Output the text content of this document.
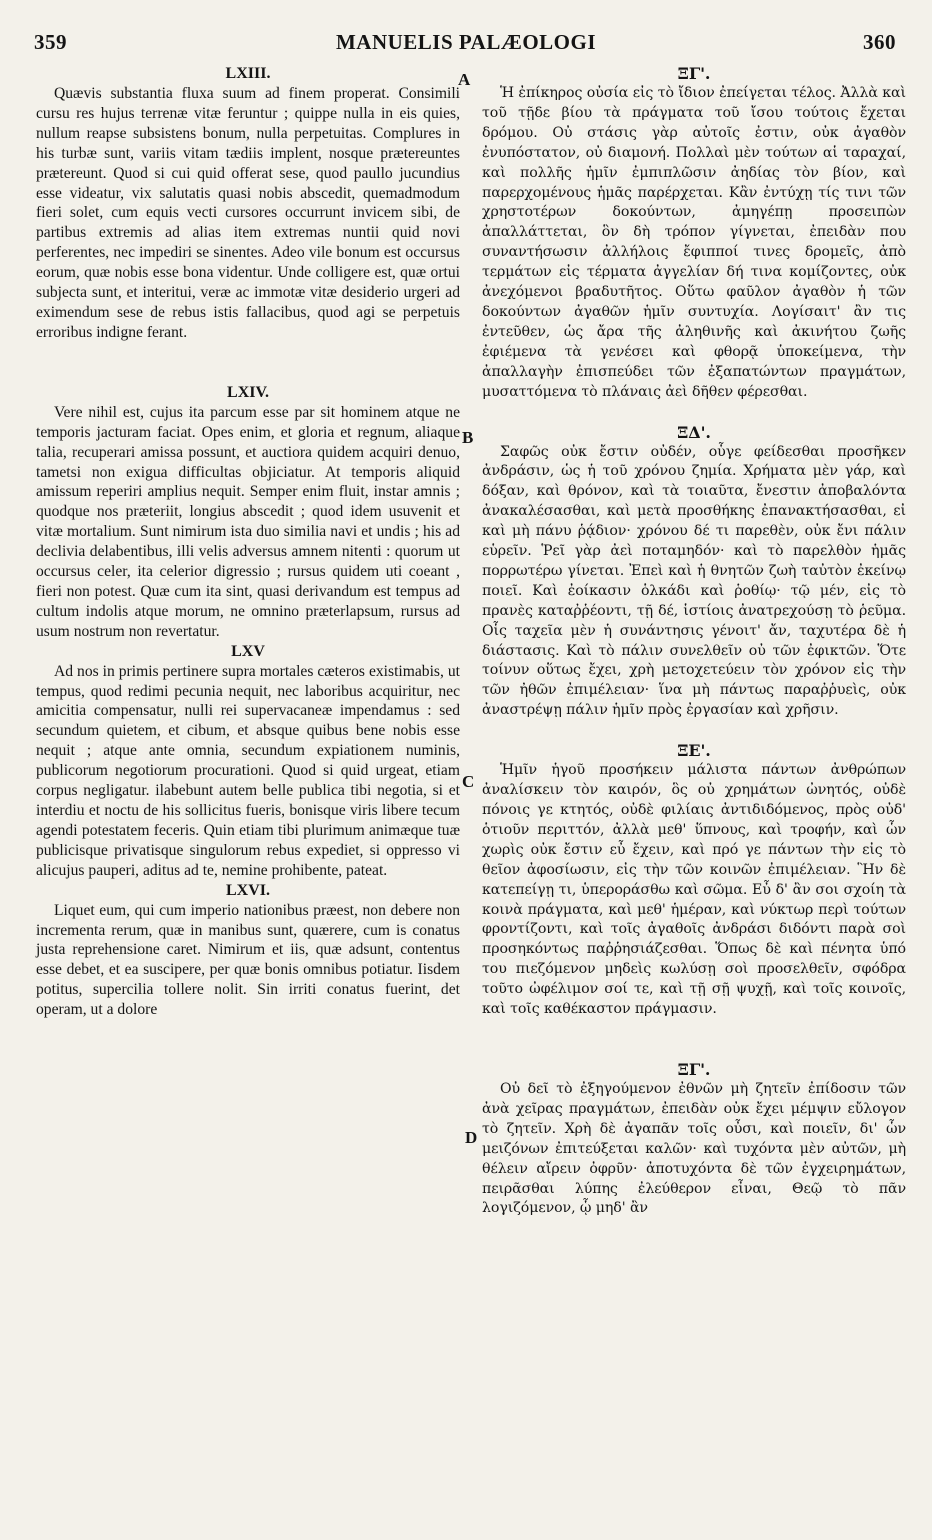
359	MANUELIS PALÆOLOGI	360
A
B
C
D

LXIII.

Quævis substantia fluxa suum ad finem properat. Consimili cursu res hujus terrenæ vitæ feruntur ; quippe nulla in eis quies, nullum reapse subsistens bonum, nulla perpetuitas. Complures in his turbæ sunt, variis vitam tædiis implent, nosque prætereuntes prætereunt. Quod si cui quid offerat sese, quod paullo jucundius esse videatur, vix salutatis quasi nobis abscedit, quemadmodum fieri solet, cum equis vecti cursores occurrunt invicem sibi, de partibus extremis ad alias item extremas nuntii quid novi perferentes, nec impediri se sinentes. Adeo vile bonum est occursus eorum, quæ nobis esse bona videntur. Unde colligere est, quæ ortui subjecta sunt, et interitui, veræ ac immotæ vitæ desiderio urgeri ad eximendum sese de rebus istis fallacibus, quod agi se perpetuis erroribus indigne ferant.

LXIV.

Vere nihil est, cujus ita parcum esse par sit hominem atque ne temporis jacturam faciat. Opes enim, et gloria et regnum, aliaque talia, recuperari amissa possunt, et auctiora quidem acquiri denuo, tametsi non exigua difficultas objiciatur. At temporis aliquid amissum reperiri amplius nequit. Semper enim fluit, instar amnis ; quodque nos præteriit, longius abscedit ; quod idem usuvenit et vitæ mortalium. Sunt nimirum ista duo similia navi et undis ; his ad declivia delabentibus, illi velis adversus amnem nitenti : quorum ut occursus celer, ita celerior digressio ; rursus quidem uti coeant , fieri non potest. Quæ cum ita sint, quasi derivandum est tempus ad cultum indolis atque morum, ne omnino præterlapsum, rursus ad usum nostrum non revertatur.

LXV

Ad nos in primis pertinere supra mortales cæteros existimabis, ut tempus, quod redimi pecunia nequit, nec laboribus acquiritur, nec amicitia compensatur, nulli rei supervacaneæ impendamus : sed secundum quietem, et cibum, et absque quibus bene nobis esse nequit ; atque ante omnia, secundum expiationem numinis, publicorum negotiorum procurationi. Quod si quid urgeat, etiam corpus negligatur. ilabebunt autem belle publica tibi negotia, si et interdiu et noctu de his sollicitus fueris, bonisque viris libere tecum agendi potestatem feceris. Quin etiam tibi plurimum animæque tuæ publicisque privatisque singulorum rebus expediet, si oppresso vi alicujus pauperi, aditus ad te, nemine prohibente, pateat.

LXVI.

Liquet eum, qui cum imperio nationibus præest, non debere non incrementa rerum, quæ in manibus sunt, quærere, cum is conatus justa reprehensione caret. Nimirum et iis, quæ adsunt, contentus esse debet, et ea suscipere, per quæ bonis omnibus potiatur. Iisdem potitus, supercilia tollere nolit. Sin irriti conatus fuerint, det operam, ut a dolore

ΞΓ'.

Ἡ ἐπίκηρος οὐσία εἰς τὸ ἴδιον ἐπείγεται τέλος. Ἀλλὰ καὶ τοῦ τῇδε βίου τὰ πράγματα τοῦ ἴσου τούτοις ἔχεται δρόμου. Οὐ στάσις γὰρ αὐτοῖς ἐστιν, οὐκ ἀγαθὸν ἐνυπόστατον, οὐ διαμονή. Πολλαὶ μὲν τούτων αἱ ταραχαί, καὶ πολλῆς ἡμῖν ἐμπιπλῶσιν ἀηδίας τὸν βίον, καὶ παρερχομένους ἡμᾶς παρέρχεται. Κἂν ἐντύχῃ τίς τινι τῶν χρηστοτέρων δοκούντων, ἀμηγέπῃ προσειπὼν ἀπαλλάττεται, ὃν δὴ τρόπον γίγνεται, ἐπειδὰν που συναντήσωσιν ἀλλήλοις ἔφιπποί τινες δρομεῖς, ἀπὸ τερμάτων εἰς τέρματα ἀγγελίαν δή τινα κομίζοντες, οὐκ ἀνεχόμενοι βραδυτῆτος. Οὕτω φαῦλον ἀγαθὸν ἡ τῶν δοκούντων ἀγαθῶν ἡμῖν συντυχία. Λογίσαιτ' ἂν τις ἐντεῦθεν, ὡς ἄρα τῆς ἀληθινῆς καὶ ἀκινήτου ζωῆς ἐφιέμενα τὰ γενέσει καὶ φθορᾷ ὑποκείμενα, τὴν ἀπαλλαγὴν ἐπισπεύδει τῶν ἐξαπατώντων πραγμάτων, μυσαττόμενα τὸ πλάναις ἀεὶ δῆθεν φέρεσθαι.

ΞΔ'.

Σαφῶς οὐκ ἔστιν οὐδέν, οὗγε φείδεσθαι προσῆκεν ἀνδράσιν, ὡς ἡ τοῦ χρόνου ζημία. Χρήματα μὲν γάρ, καὶ δόξαν, καὶ θρόνον, καὶ τὰ τοιαῦτα, ἔνεστιν ἀποβαλόντα ἀνακαλέσασθαι, καὶ μετὰ προσθήκης ἐπανακτήσασθαι, εἰ καὶ μὴ πάνυ ῥᾴδιον· χρόνου δέ τι παρεθὲν, οὐκ ἔνι πάλιν εὑρεῖν. Ῥεῖ γὰρ ἀεὶ ποταμηδόν· καὶ τὸ παρελθὸν ἡμᾶς πορρωτέρω γίνεται. Ἐπεὶ καὶ ἡ θνητῶν ζωὴ ταὐτὸν ἐκείνῳ ποιεῖ. Καὶ ἐοίκασιν ὁλκάδι καὶ ῥοθίῳ· τῷ μέν, εἰς τὸ πρανὲς καταῤῥέοντι, τῇ δέ, ἱστίοις ἀνατρεχούσῃ τὸ ῥεῦμα. Οἷς ταχεῖα μὲν ἡ συνάντησις γένοιτ' ἄν, ταχυτέρα δὲ ἡ διάστασις. Καὶ τὸ πάλιν συνελθεῖν οὐ τῶν ἐφικτῶν. Ὅτε τοίνυν οὕτως ἔχει, χρὴ μετοχετεύειν τὸν χρόνον εἰς τὴν τῶν ἠθῶν ἐπιμέλειαν· ἵνα μὴ πάντως παραῤῥυεὶς, οὐκ ἀναστρέψῃ πάλιν ἡμῖν πρὸς ἐργασίαν καὶ χρῆσιν.

ΞΕ'.

Ἡμῖν ἡγοῦ προσήκειν μάλιστα πάντων ἀνθρώπων ἀναλίσκειν τὸν καιρόν, ὃς οὐ χρημάτων ὠνητός, οὐδὲ πόνοις γε κτητός, οὐδὲ φιλίαις ἀντιδιδόμενος, πρὸς οὐδ' ὁτιοῦν περιττόν, ἀλλὰ μεθ' ὕπνους, καὶ τροφήν, καὶ ὧν χωρὶς οὐκ ἔστιν εὖ ἔχειν, καὶ πρό γε πάντων τὴν εἰς τὸ θεῖον ἀφοσίωσιν, εἰς τὴν τῶν κοινῶν ἐπιμέλειαν. Ἣν δὲ κατεπείγῃ τι, ὑπεροράσθω καὶ σῶμα. Εὖ δ' ἂν σοι σχοίη τὰ κοινὰ πράγματα, καὶ μεθ' ἡμέραν, καὶ νύκτωρ περὶ τούτων φροντίζοντι, καὶ τοῖς ἀγαθοῖς ἀνδράσι διδόντι παρὰ σοὶ προσηκόντως παῤῥησιάζεσθαι. Ὅπως δὲ καὶ πένητα ὑπό του πιεζόμενον μηδεὶς κωλύσῃ σοὶ προσελθεῖν, σφόδρα τοῦτο ὠφέλιμον σοί τε, καὶ τῇ σῇ ψυχῇ, καὶ τοῖς κοινοῖς, καὶ τοῖς καθέκαστον πράγμασιν.

ΞΓ'.

Οὐ δεῖ τὸ ἐξηγούμενον ἐθνῶν μὴ ζητεῖν ἐπίδοσιν τῶν ἀνὰ χεῖρας πραγμάτων, ἐπειδὰν οὐκ ἔχει μέμψιν εὔλογον τὸ ζητεῖν. Χρὴ δὲ ἀγαπᾶν τοῖς οὖσι, καὶ ποιεῖν, δι' ὧν μειζόνων ἐπιτεύξεται καλῶν· καὶ τυχόντα μὲν αὐτῶν, μὴ θέλειν αἴρειν ὀφρῦν· ἀποτυχόντα δὲ τῶν ἐγχειρημάτων, πειρᾶσθαι λύπης ἐλεύθερον εἶναι, Θεῷ τὸ πᾶν λογιζόμενον, ᾧ μηδ' ἂν
